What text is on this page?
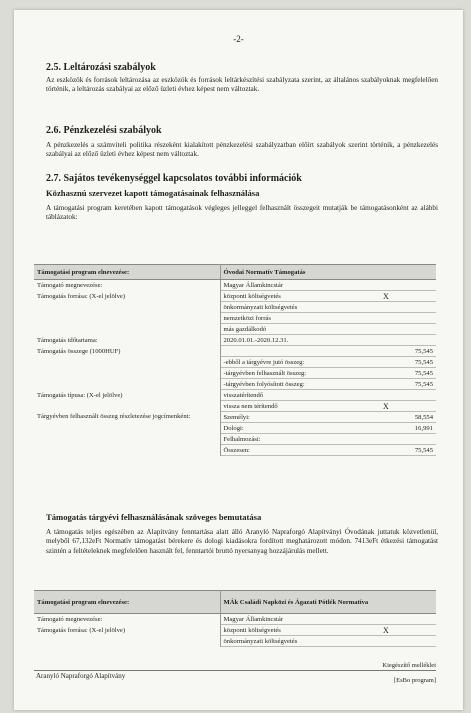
-2-
2.5. Leltározási szabályok

Az eszközök és források leltározása az eszközök és források leltárkészítési szabályzata szerint, az általános szabályoknak megfelelően történik, a leltározás szabályai az előző üzleti évhez képest nem változtak.

2.6. Pénzkezelési szabályok

A pénzkezelés a számviteli politika részeként kialakított pénzkezelési szabályzatban előírt szabályok szerint történik, a pénzkezelés szabályai az előző üzleti évhez képest nem változtak.

2.7. Sajátos tevékenységgel kapcsolatos további információk
Közhasznú szervezet kapott támogatásainak felhasználása

A támogatási program keretében kapott támogatások végleges jelleggel felhasznált összegeit mutatják be támogatásonként az alábbi táblázatok:

Támogatási program elnevezése:	Óvodai Normatív Támogatás	
Támogató megnevezése:	Magyar Államkincstár	
Támogatás forrása: (X-el jelölve)	központi költségvetés	X
	önkormányzati költségvetés	
	nemzetközi forrás	
	más gazdálkodó	
Támogatás időtartama:	2020.01.01.-2020.12.31.	
Támogatás összege (1000HUF)		75,545
	-ebből a tárgyévre jutó összeg:	75,545
	-tárgyévben felhasznált összeg:	75,545
	-tárgyévben folyósított összeg:	75,545
Támogatás típusa: (X-el jelölve)	visszatérítendő	
	vissza nem térítendő	X
Tárgyévben felhasznált összeg részletezése jogcímenként:	Személyi:	58,554
	Dologi:	16,991
	Felhalmozási:	
	Összesen:	75,545
Támogatás tárgyévi felhasználásának szöveges bemutatása

A támogatás teljes egészében az Alapítvány fenntartása alatt álló Aranyló Napraforgó Alapítványi Óvodának juttatuk közvetlenül, melyből 67,132eFt Normatív támogatást bérekere és dologi kiadásokra fordított meghatározott módon. 7413eFt étkezési támogatást szintén a feltételeknek megfelelően használt fel, fenntartói bruttó nyersanyag hozzájárulás mellett.

Támogatási program elnevezése:	MÁk Családi Napközi és Ágazati Pótlék Normatíva	
Támogató megnevezése:	Magyar Államkincstár	
Támogatás forrása: (X-el jelölve)	központi költségvetés	X
	önkormányzati költségvetés	
Aranyló Napraforgó Alapítvány
Kiegészítő melléklet
[EsBo program]
